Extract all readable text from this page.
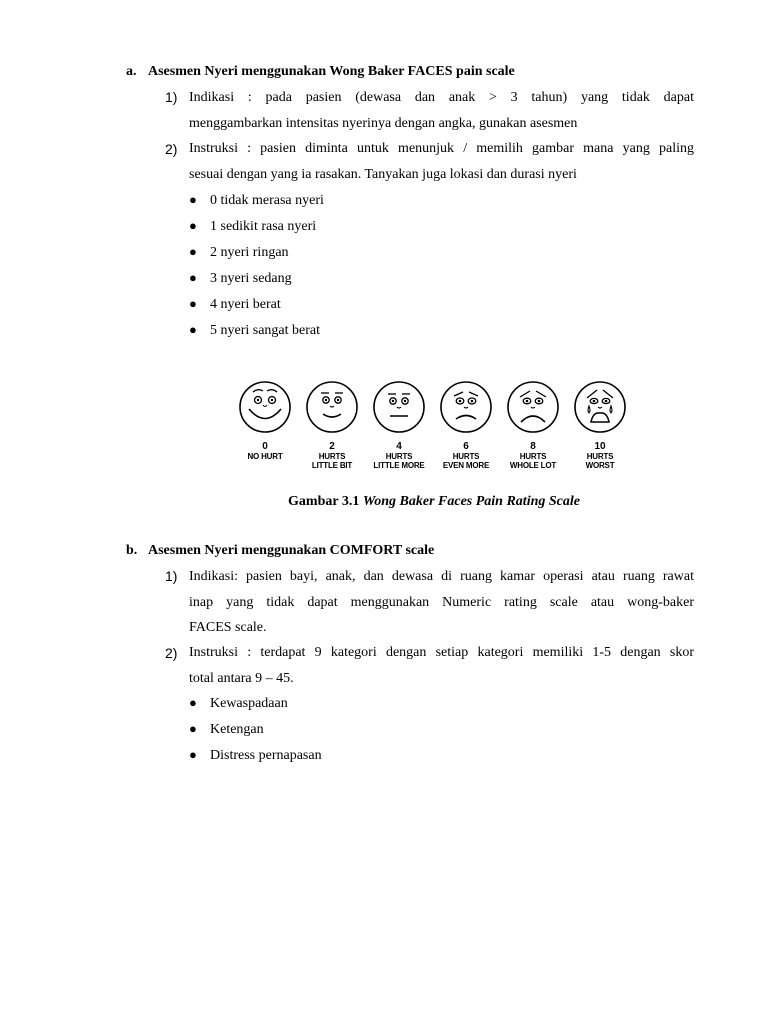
a. Asesmen Nyeri menggunakan Wong Baker FACES pain scale
1) Indikasi : pada pasien (dewasa dan anak > 3 tahun) yang tidak dapat
menggambarkan intensitas nyerinya dengan angka, gunakan asesmen
2) Instruksi : pasien diminta untuk menunjuk / memilih gambar mana yang paling
sesuai dengan yang ia rasakan. Tanyakan juga lokasi dan durasi nyeri
● 0 tidak merasa nyeri
● 1 sedikit rasa nyeri
● 2 nyeri ringan
● 3 nyeri sedang
● 4 nyeri berat
● 5 nyeri sangat berat
0
NO HURT
2
HURTS
LITTLE BIT
4
HURTS
LITTLE MORE
6
HURTS
EVEN MORE
8
HURTS
WHOLE LOT
10
HURTS
WORST
Gambar 3.1 Wong Baker Faces Pain Rating Scale
b. Asesmen Nyeri menggunakan COMFORT scale
1) Indikasi: pasien bayi, anak, dan dewasa di ruang kamar operasi atau ruang rawat
inap yang tidak dapat menggunakan Numeric rating scale atau wong-baker
FACES scale.
2) Instruksi : terdapat 9 kategori dengan setiap kategori memiliki 1-5 dengan skor
total antara 9 – 45.
● Kewaspadaan
● Ketengan
● Distress pernapasan
